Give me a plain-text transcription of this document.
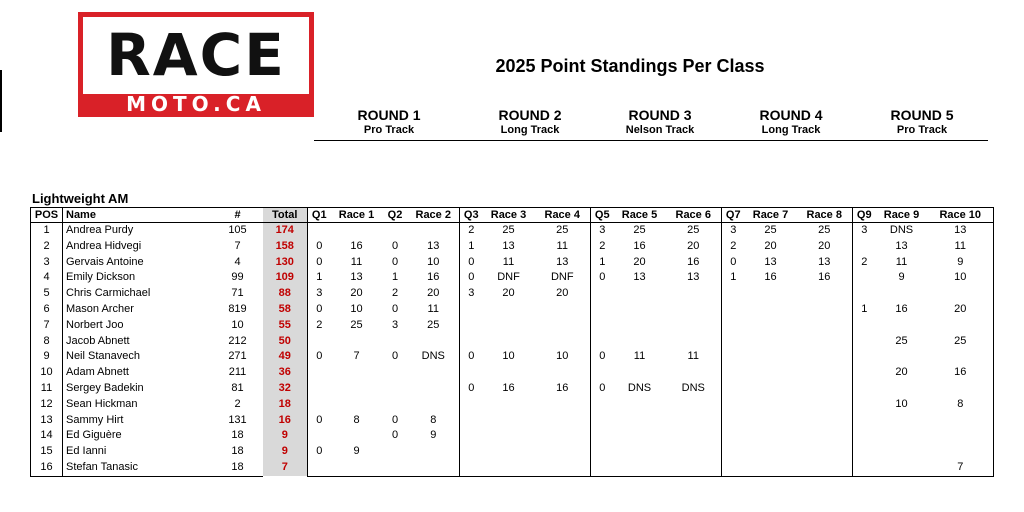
RACE
MOTO.CA
2025 Point Standings Per Class
ROUND 1
Pro Track
ROUND 2
Long Track
ROUND 3
Nelson Track
ROUND 4
Long Track
ROUND 5
Pro Track
Lightweight AM
POS	Name	#	Total	Q1	Race 1	Q2	Race 2	Q3	Race 3	Race 4	Q5	Race 5	Race 6	Q7	Race 7	Race 8	Q9	Race 9	Race 10
1	Andrea Purdy	105	174					2	25	25	3	25	25	3	25	25	3	DNS	13
2	Andrea Hidvegi	7	158	0	16	0	13	1	13	11	2	16	20	2	20	20		13	11
3	Gervais Antoine	4	130	0	11	0	10	0	11	13	1	20	16	0	13	13	2	11	9
4	Emily Dickson	99	109	1	13	1	16	0	DNF	DNF	0	13	13	1	16	16		9	10
5	Chris Carmichael	71	88	3	20	2	20	3	20	20									
6	Mason Archer	819	58	0	10	0	11										1	16	20
7	Norbert Joo	10	55	2	25	3	25												
8	Jacob Abnett	212	50															25	25
9	Neil Stanavech	271	49	0	7	0	DNS	0	10	10	0	11	11						
10	Adam Abnett	211	36															20	16
11	Sergey Badekin	81	32					0	16	16	0	DNS	DNS						
12	Sean Hickman	2	18															10	8
13	Sammy Hirt	131	16	0	8	0	8												
14	Ed Giguère	18	9			0	9												
15	Ed Ianni	18	9	0	9														
16	Stefan Tanasic	18	7																7
